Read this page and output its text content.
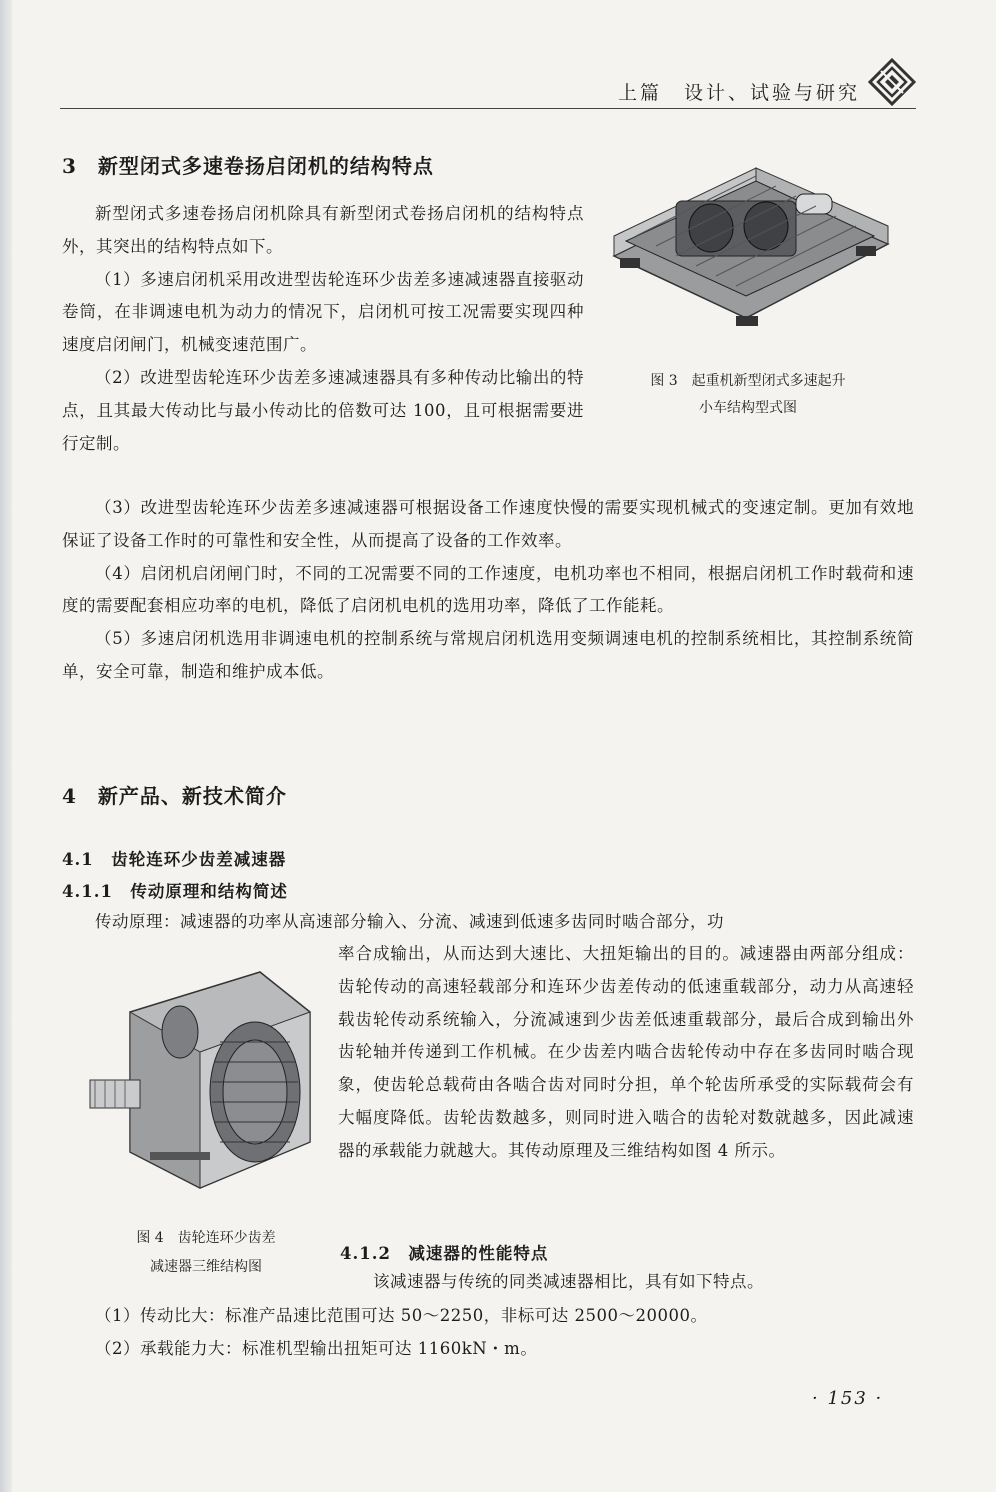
上篇　设计、试验与研究
3　新型闭式多速卷扬启闭机的结构特点

新型闭式多速卷扬启闭机除具有新型闭式卷扬启闭机的结构特点外，其突出的结构特点如下。

（1）多速启闭机采用改进型齿轮连环少齿差多速减速器直接驱动卷筒，在非调速电机为动力的情况下，启闭机可按工况需要实现四种速度启闭闸门，机械变速范围广。

（2）改进型齿轮连环少齿差多速减速器具有多种传动比输出的特点，且其最大传动比与最小传动比的倍数可达 100，且可根据需要进行定制。

图 3　起重机新型闭式多速起升
小车结构型式图

（3）改进型齿轮连环少齿差多速减速器可根据设备工作速度快慢的需要实现机械式的变速定制。更加有效地保证了设备工作时的可靠性和安全性，从而提高了设备的工作效率。

（4）启闭机启闭闸门时，不同的工况需要不同的工作速度，电机功率也不相同，根据启闭机工作时载荷和速度的需要配套相应功率的电机，降低了启闭机电机的选用功率，降低了工作能耗。

（5）多速启闭机选用非调速电机的控制系统与常规启闭机选用变频调速电机的控制系统相比，其控制系统简单，安全可靠，制造和维护成本低。

4　新产品、新技术简介
4.1　齿轮连环少齿差减速器
4.1.1　传动原理和结构简述

传动原理：减速器的功率从高速部分输入、分流、减速到低速多齿同时啮合部分，功

率合成输出，从而达到大速比、大扭矩输出的目的。减速器由两部分组成：齿轮传动的高速轻载部分和连环少齿差传动的低速重载部分，动力从高速轻载齿轮传动系统输入，分流减速到少齿差低速重载部分，最后合成到输出外齿轮轴并传递到工作机械。在少齿差内啮合齿轮传动中存在多齿同时啮合现象，使齿轮总载荷由各啮合齿对同时分担，单个轮齿所承受的实际载荷会有大幅度降低。齿轮齿数越多，则同时进入啮合的齿轮对数就越多，因此减速器的承载能力就越大。其传动原理及三维结构如图 4 所示。

图 4　齿轮连环少齿差
减速器三维结构图
4.1.2　减速器的性能特点

该减速器与传统的同类减速器相比，具有如下特点。

（1）传动比大：标准产品速比范围可达 50～2250，非标可达 2500～20000。

（2）承载能力大：标准机型输出扭矩可达 1160kN・m。

· 153 ·
